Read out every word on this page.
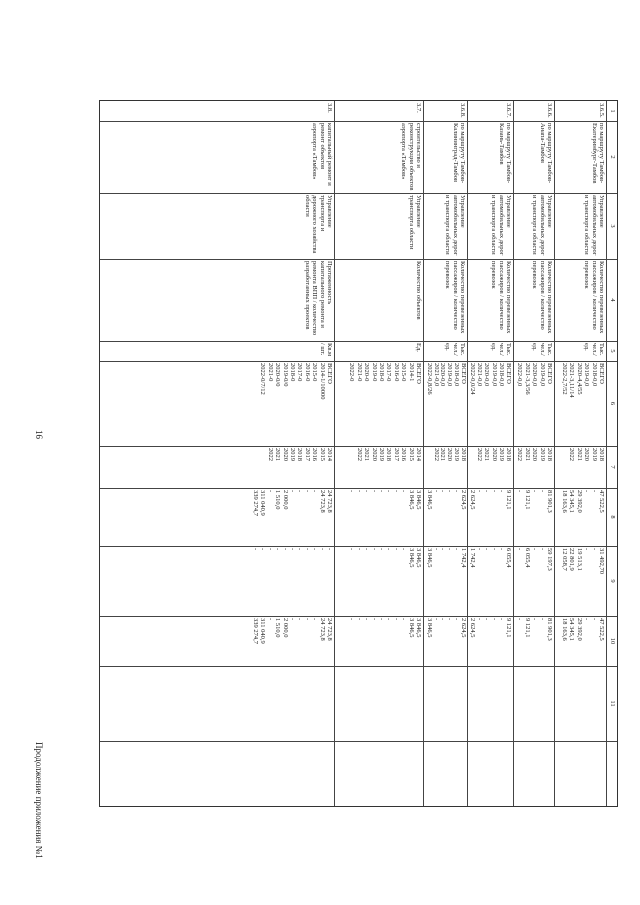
16
Продолжение приложения №1
1
2
3
4
5
6
7
8
9
10
11
3.6.5.
по маршруту Тамбов-Екатеринбург-Тамбов
Управление автомобильных дорог и транспорта области
Количество перевезенных пассажиров / количество перевозок
Тыс. чел./ед.
ВСЕГО
2018-0,0
2019-0,0
2020-4,4/55
2021-3,11/14
2022-2,7/52
2018
2019
2020
2021
2022
47 522,5
-
-
29 392,0
54 345,1
18 163,6
31 492,70
-
-
19 513,1
22 801,9
12 058,7
47 522,5
-
-
29 392,0
54 345,1
18 163,6
3.6.6.
по маршруту Тамбов-Анапа-Тамбов
Управление автомобильных дорог и транспорта области
Количество перевезенных пассажиров / количество перевозок
Тыс. чел./ед.
ВСЕГО
2019-0,0
2020-0,0
2021-3,3/56
2022-0,0
2018
2019
2020
2021
2022
81 901,3
-
-
9 121,1
-
59 197,3
-
-
6 055,4
-
81 901,3
-
-
9 121,1
-
3.6.7.
по маршруту Тамбов-Казань-Тамбов
Управление автомобильных дорог и транспорта области
Количество перевезенных пассажиров / количество перевозок
Тыс. чел./ед.
ВСЕГО
2018-0,0
2019-0,0
2020-0,0
2021-0,0
2022-0,0/24
2018
2019
2020
2021
2022
9 121,1
-
-
-
-
2 624,5
6 055,4
-
-
-
-
1 742,4
9 121,1
-
-
-
-
2 624,5
3.6.8.
по маршруту Тамбов-Калининград-Тамбов
Управление автомобильных дорог и транспорта области
Количество перевезенных пассажиров / количество перевозок
Тыс. чел./ед.
ВСЕГО
2018-0,0
2019-0,0
2020-0,0
2021-0,0
2022-0,8/26
2018
2019
2020
2021
2022
2 624,5
-
-
-
-
3 846,5
1 742,4
-
-
-
-
3 846,5
2 624,5
-
-
-
-
3 846,5
3.7.
строительство и реконструкция объектов аэропорта «Тамбов»
Управление транспорта области
Количество объектов
Ед.
ВСЕГО
2014-1
2015-0
2016-0
2017-0
2018-0
2019-0
2020-0
2021-0
2022-0
2014
2015
2016
2017
2018
2019
2020
2021
2022
3 846,5
3 846,5
-
-
-
-
-
-
-
-
3 846,5
3 846,5
-
-
-
-
-
-
-
-
3 846,5
3 846,5
-
-
-
-
-
-
-
-
3.8.
капитальный ремонт и ремонт объектов аэропорта «Тамбов»
Управление транспорта и дорожного хозяйства области
Протяженность капитального ремонта и ремонта ВПП / количество разработанных проектов
Кв.м / шт.
ВСЕГО
2014-1/10000
2015-0
2016-0
2017-0
2018-0
2019-0/0
2020-0/0
2021-0
2022-0/7/12
2014
2015
2016
2017
2018
2019
2020
2021
2022
24 723,8
24 723,8
-
-
-
-
2 000,0
1 510,0
-
311 040,9
339 274,7
-
-
-
-
-
-
-
-
-
-
-
24 723,8
24 723,8
-
-
-
-
2 000,0
1 510,0
-
311 040,9
339 274,7
